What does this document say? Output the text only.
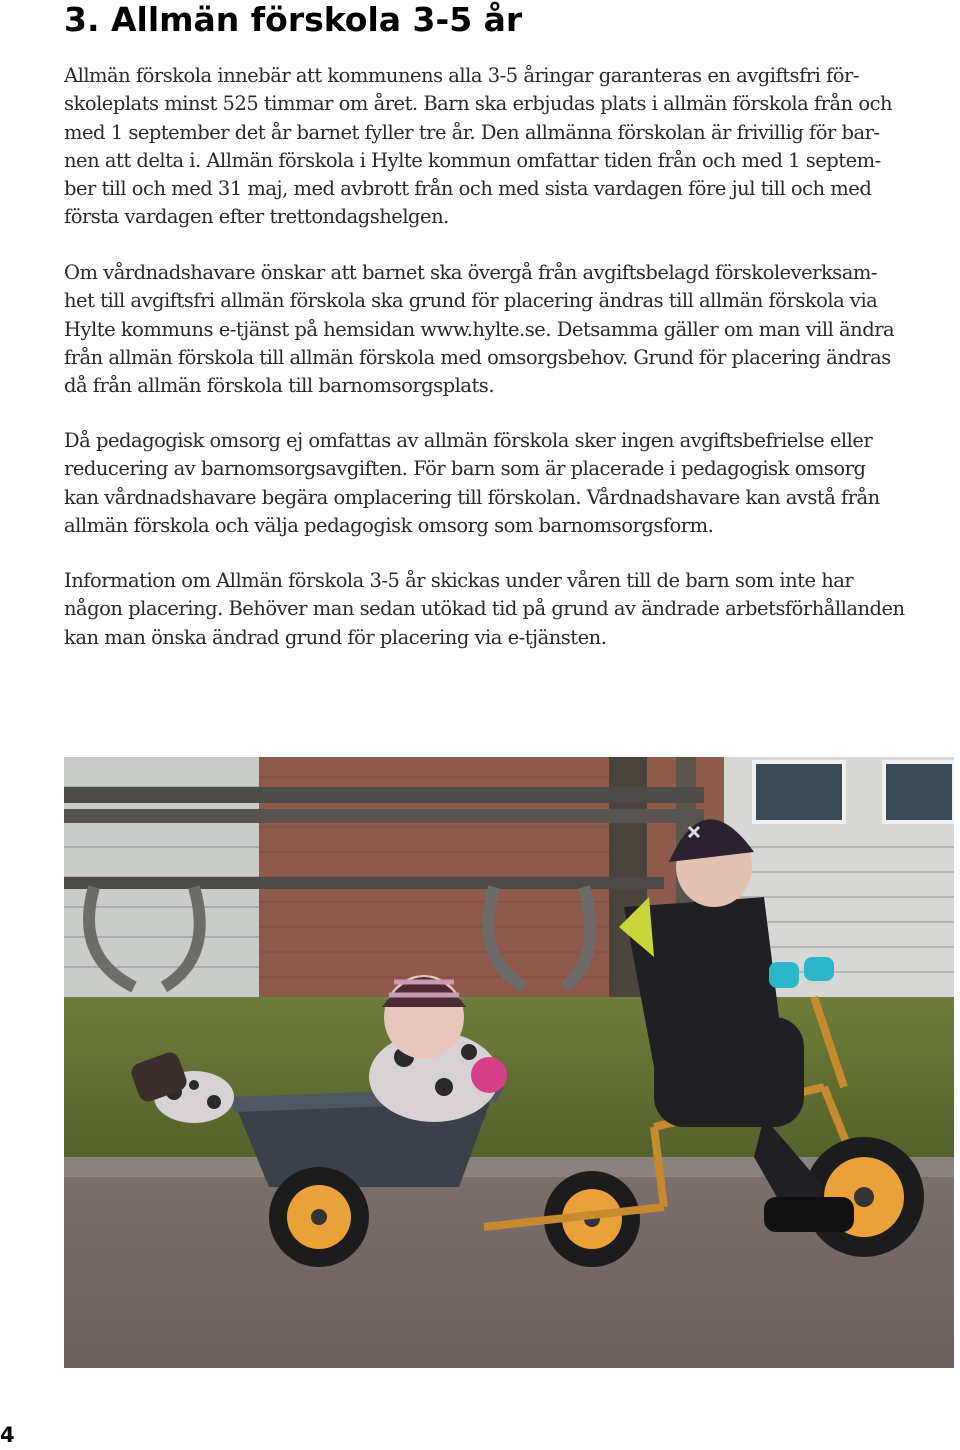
3. Allmän förskola 3-5 år
Allmän förskola innebär att kommunens alla 3-5 åringar garanteras en avgiftsfri för-
skoleplats minst 525 timmar om året. Barn ska erbjudas plats i allmän förskola från och
med 1 september det år barnet fyller tre år. Den allmänna förskolan är frivillig för bar-
nen att delta i. Allmän förskola i Hylte kommun omfattar tiden från och med 1 septem-
ber till och med 31 maj, med avbrott från och med sista vardagen före jul till och med
första vardagen efter trettondagshelgen.
Om vårdnadshavare önskar att barnet ska övergå från avgiftsbelagd förskoleverksam-
het till avgiftsfri allmän förskola ska grund för placering ändras till allmän förskola via
Hylte kommuns e-tjänst på hemsidan www.hylte.se. Detsamma gäller om man vill ändra
från allmän förskola till allmän förskola med omsorgsbehov. Grund för placering ändras
då från allmän förskola till barnomsorgsplats.
Då pedagogisk omsorg ej omfattas av allmän förskola sker ingen avgiftsbefrielse eller
reducering av barnomsorgsavgiften. För barn som är placerade i pedagogisk omsorg
kan vårdnadshavare begära omplacering till förskolan. Vårdnadshavare kan avstå från
allmän förskola och välja pedagogisk omsorg som barnomsorgsform.
Information om Allmän förskola 3-5 år skickas under våren till de barn som inte har
någon placering. Behöver man sedan utökad tid på grund av ändrade arbetsförhållanden
kan man önska ändrad grund för placering via e-tjänsten.
4
